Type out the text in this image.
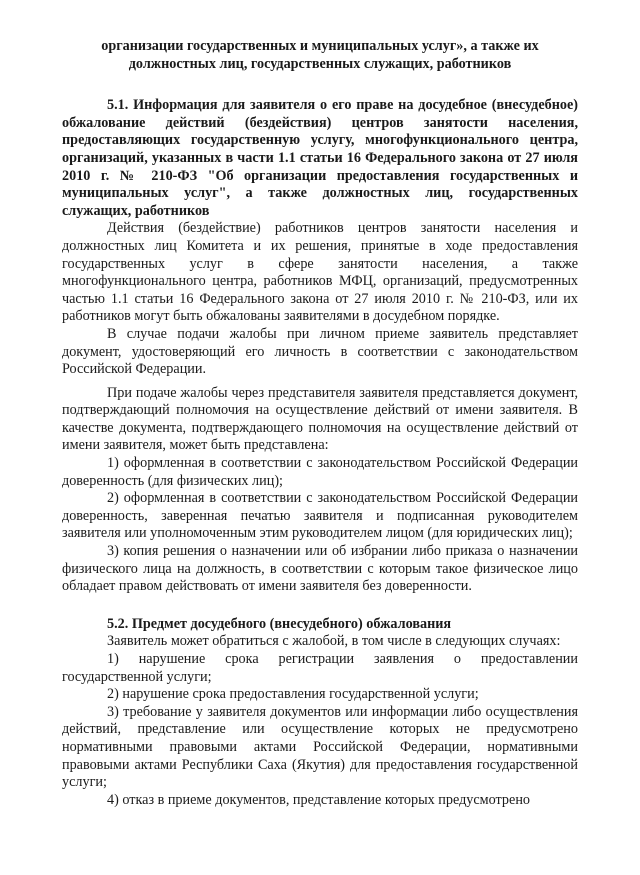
организации государственных и муниципальных услуг», а также их должностных лиц, государственных служащих, работников

5.1. Информация для заявителя о его праве на досудебное (внесудебное) обжалование действий (бездействия) центров занятости населения, предоставляющих государственную услугу, многофункционального центра, организаций, указанных в части 1.1 статьи 16 Федерального закона от 27 июля 2010 г. № 210-ФЗ "Об организации предоставления государственных и муниципальных услуг", а также должностных лиц, государственных служащих, работников

Действия (бездействие) работников центров занятости населения и должностных лиц Комитета и их решения, принятые в ходе предоставления государственных услуг в сфере занятости населения, а также многофункционального центра, работников МФЦ, организаций, предусмотренных частью 1.1 статьи 16 Федерального закона от 27 июля 2010 г. № 210-ФЗ, или их работников могут быть обжалованы заявителями в досудебном порядке.

В случае подачи жалобы при личном приеме заявитель представляет документ, удостоверяющий его личность в соответствии с законодательством Российской Федерации.

При подаче жалобы через представителя заявителя представляется документ, подтверждающий полномочия на осуществление действий от имени заявителя. В качестве документа, подтверждающего полномочия на осуществление действий от имени заявителя, может быть представлена:

1) оформленная в соответствии с законодательством Российской Федерации доверенность (для физических лиц);

2) оформленная в соответствии с законодательством Российской Федерации доверенность, заверенная печатью заявителя и подписанная руководителем заявителя или уполномоченным этим руководителем лицом (для юридических лиц);

3) копия решения о назначении или об избрании либо приказа о назначении физического лица на должность, в соответствии с которым такое физическое лицо обладает правом действовать от имени заявителя без доверенности.

5.2. Предмет досудебного (внесудебного) обжалования

Заявитель может обратиться с жалобой, в том числе в следующих случаях:

1) нарушение срока регистрации заявления о предоставлении государственной услуги;

2) нарушение срока предоставления государственной услуги;

3) требование у заявителя документов или информации либо осуществления действий, представление или осуществление которых не предусмотрено нормативными правовыми актами Российской Федерации, нормативными правовыми актами Республики Саха (Якутия) для предоставления государственной услуги;

4) отказ в приеме документов, представление которых предусмотрено
